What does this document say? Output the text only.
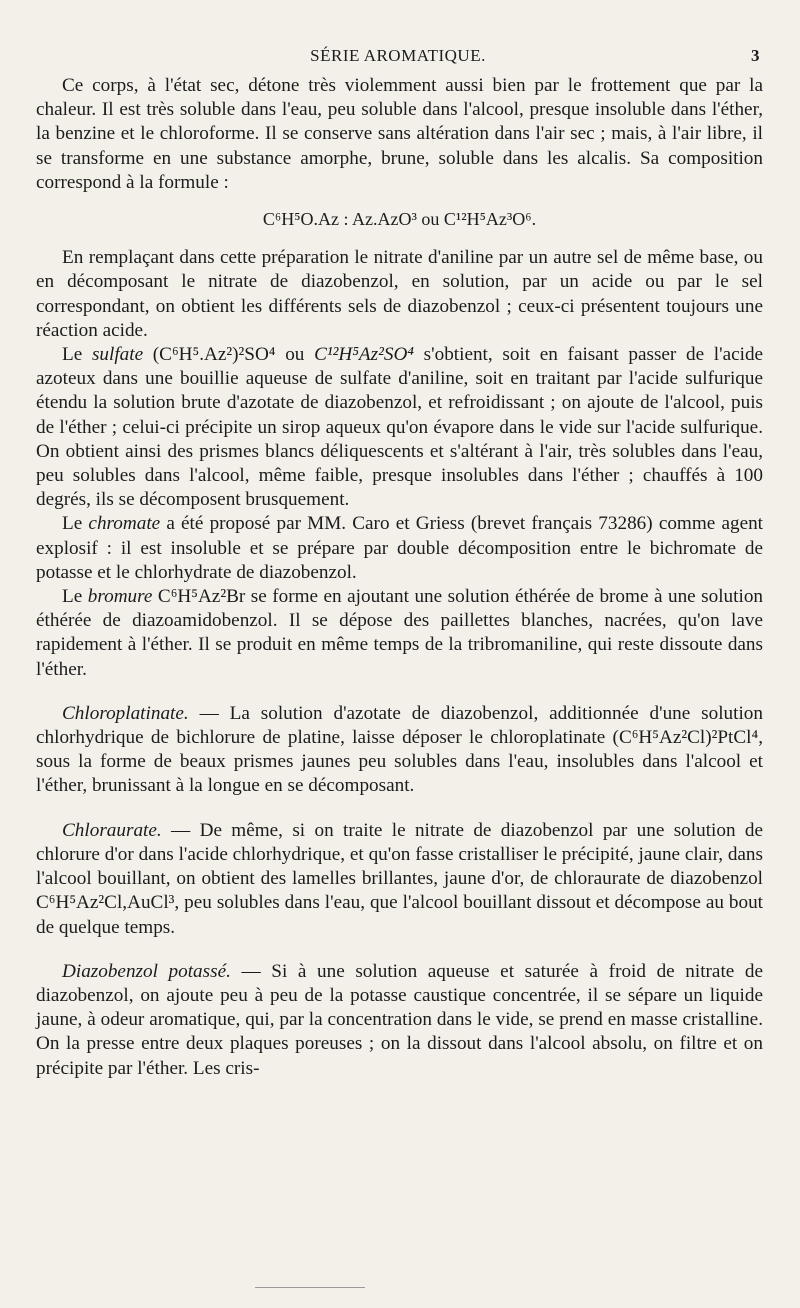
SÉRIE AROMATIQUE.	3

Ce corps, à l'état sec, détone très violemment aussi bien par le frottement que par la chaleur. Il est très soluble dans l'eau, peu soluble dans l'alcool, presque insoluble dans l'éther, la benzine et le chloroforme. Il se conserve sans altération dans l'air sec ; mais, à l'air libre, il se transforme en une substance amorphe, brune, soluble dans les alcalis. Sa composition correspond à la formule :

C⁶H⁵O.Az : Az.AzO³ ou C¹²H⁵Az³O⁶.

En remplaçant dans cette préparation le nitrate d'aniline par un autre sel de même base, ou en décomposant le nitrate de diazobenzol, en solution, par un acide ou par le sel correspondant, on obtient les différents sels de diazobenzol ; ceux-ci présentent toujours une réaction acide.

Le sulfate (C⁶H⁵.Az²)²SO⁴ ou C¹²H⁵Az²SO⁴ s'obtient, soit en faisant passer de l'acide azoteux dans une bouillie aqueuse de sulfate d'aniline, soit en traitant par l'acide sulfurique étendu la solution brute d'azotate de diazobenzol, et refroidissant ; on ajoute de l'alcool, puis de l'éther ; celui-ci précipite un sirop aqueux qu'on évapore dans le vide sur l'acide sulfurique. On obtient ainsi des prismes blancs déliquescents et s'altérant à l'air, très solubles dans l'eau, peu solubles dans l'alcool, même faible, presque insolubles dans l'éther ; chauffés à 100 degrés, ils se décomposent brusquement.

Le chromate a été proposé par MM. Caro et Griess (brevet français 73286) comme agent explosif : il est insoluble et se prépare par double décomposition entre le bichromate de potasse et le chlorhydrate de diazobenzol.

Le bromure C⁶H⁵Az²Br se forme en ajoutant une solution éthérée de brome à une solution éthérée de diazoamidobenzol. Il se dépose des paillettes blanches, nacrées, qu'on lave rapidement à l'éther. Il se produit en même temps de la tribromaniline, qui reste dissoute dans l'éther.

Chloroplatinate. — La solution d'azotate de diazobenzol, additionnée d'une solution chlorhydrique de bichlorure de platine, laisse déposer le chloroplatinate (C⁶H⁵Az²Cl)²PtCl⁴, sous la forme de beaux prismes jaunes peu solubles dans l'eau, insolubles dans l'alcool et l'éther, brunissant à la longue en se décomposant.

Chloraurate. — De même, si on traite le nitrate de diazobenzol par une solution de chlorure d'or dans l'acide chlorhydrique, et qu'on fasse cristalliser le précipité, jaune clair, dans l'alcool bouillant, on obtient des lamelles brillantes, jaune d'or, de chloraurate de diazobenzol C⁶H⁵Az²Cl,AuCl³, peu solubles dans l'eau, que l'alcool bouillant dissout et décompose au bout de quelque temps.

Diazobenzol potassé. — Si à une solution aqueuse et saturée à froid de nitrate de diazobenzol, on ajoute peu à peu de la potasse caustique concentrée, il se sépare un liquide jaune, à odeur aromatique, qui, par la concentration dans le vide, se prend en masse cristalline. On la presse entre deux plaques poreuses ; on la dissout dans l'alcool absolu, on filtre et on précipite par l'éther. Les cris-
